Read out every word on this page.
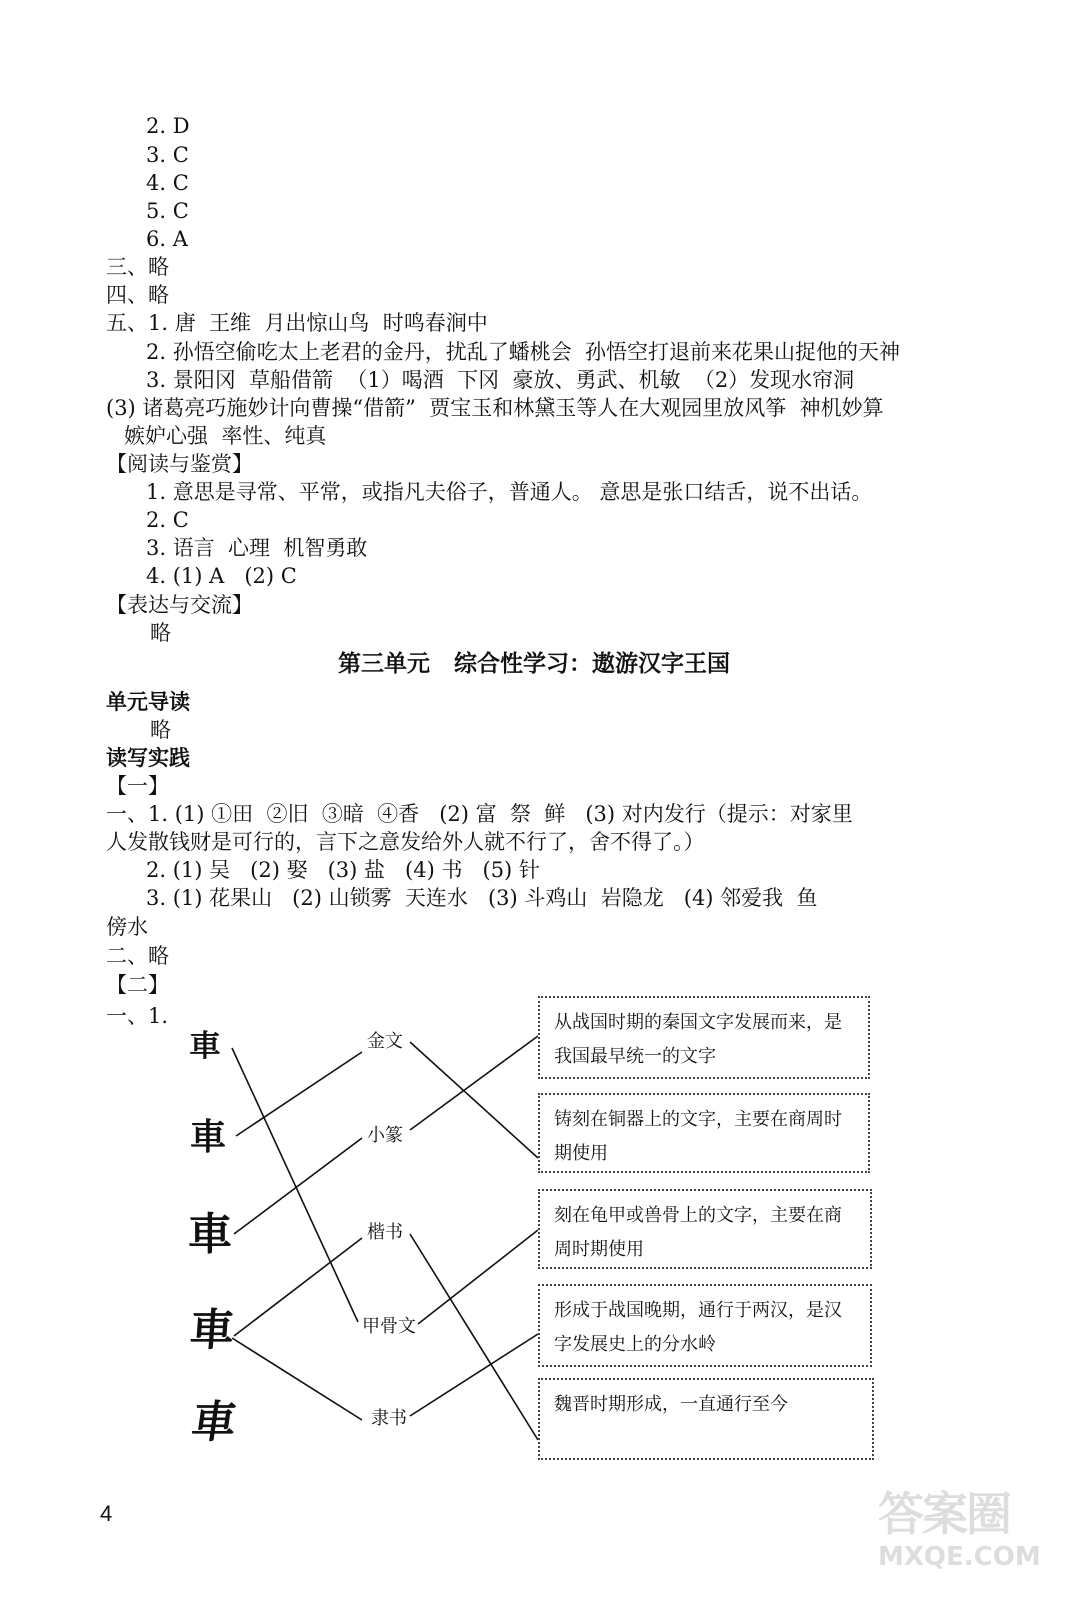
2. D
3. C
4. C
5. C
6. A
三、略
四、略
五、1. 唐  王维  月出惊山鸟  时鸣春涧中
2. 孙悟空偷吃太上老君的金丹，扰乱了蟠桃会  孙悟空打退前来花果山捉他的天神
3. 景阳冈  草船借箭  （1）喝酒  下冈  豪放、勇武、机敏  （2）发现水帘洞
(3) 诸葛亮巧施妙计向曹操“借箭”  贾宝玉和林黛玉等人在大观园里放风筝  神机妙算
嫉妒心强  率性、纯真
【阅读与鉴赏】
1. 意思是寻常、平常，或指凡夫俗子，普通人。 意思是张口结舌，说不出话。
2. C
3. 语言  心理  机智勇敢
4. (1) A   (2) C
【表达与交流】
略
第三单元   综合性学习：遨游汉字王国
单元导读
略
读写实践
【一】
一、1. (1) ①田  ②旧  ③暗  ④香   (2) 富  祭  鲜   (3) 对内发行（提示：对家里
人发散钱财是可行的，言下之意发给外人就不行了，舍不得了。）
2. (1) 吴   (2) 娶   (3) 盐   (4) 书   (5) 针
3. (1) 花果山   (2) 山锁雾  天连水   (3) 斗鸡山  岩隐龙   (4) 邻爱我  鱼
傍水
二、略
【二】
一、1.
車
車
車
車
車
金文
小篆
楷书
甲骨文
隶书
从战国时期的秦国文字发展而来，是我国最早统一的文字
铸刻在铜器上的文字，主要在商周时期使用
刻在龟甲或兽骨上的文字，主要在商周时期使用
形成于战国晚期，通行于两汉，是汉字发展史上的分水岭
魏晋时期形成，一直通行至今
4	答案圈
MXQE.COM
